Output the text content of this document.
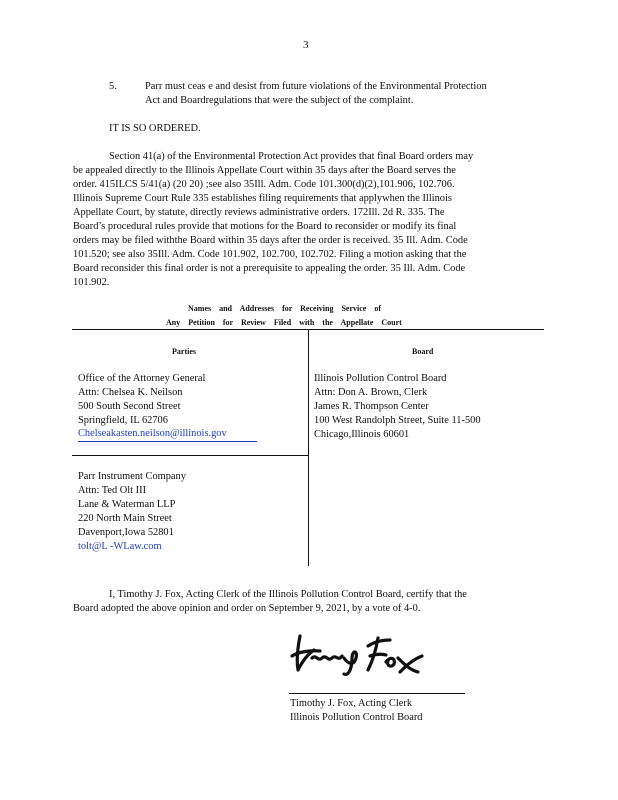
3
5.	Parr must ceas e and desist from future violations of the Environmental Protection
Act and Boardregulations that were the subject of the complaint.
IT IS SO ORDERED.
Section 41(a) of the Environmental Protection Act provides that final Board orders may
be appealed directly to the Illinois Appellate Court within 35 days after the Board serves the
order. 415ILCS 5/41(a) (20 20) ;see also 35Ill. Adm. Code 101.300(d)(2),101.906, 102.706.
Illinois Supreme Court Rule 335 establishes filing requirements that applywhen the Illinois
Appellate Court, by statute, directly reviews administrative orders. 172Ill. 2d R. 335. The
Board’s procedural rules provide that motions for the Board to reconsider or modify its final
orders may be filed withthe Board within 35 days after the order is received. 35 Ill. Adm. Code
101.520; see also 35Ill. Adm. Code 101.902, 102.700, 102.702. Filing a motion asking that the
Board reconsider this final order is not a prerequisite to appealing the order. 35 Ill. Adm. Code
101.902.
Names and Addresses for Receiving Service of
Any Petition for Review Filed with the Appellate Court
Parties	Board
Office of the Attorney General
Attn: Chelsea K. Neilson
500 South Second Street
Springfield, IL 62706
Chelseakasten.neilson@illinois.gov
Parr Instrument Company
Attn: Ted Olt III
Lane & Waterman LLP
220 North Main Street
Davenport,Iowa 52801
tolt@L -WLaw.com
Illinois Pollution Control Board
Attn: Don A. Brown, Clerk
James R. Thompson Center
100 West Randolph Street, Suite 11-500
Chicago,Illinois 60601
I, Timothy J. Fox, Acting Clerk of the Illinois Pollution Control Board, certify that the
Board adopted the above opinion and order on September 9, 2021, by a vote of 4-0.
Timothy J. Fox, Acting Clerk
Illinois Pollution Control Board
